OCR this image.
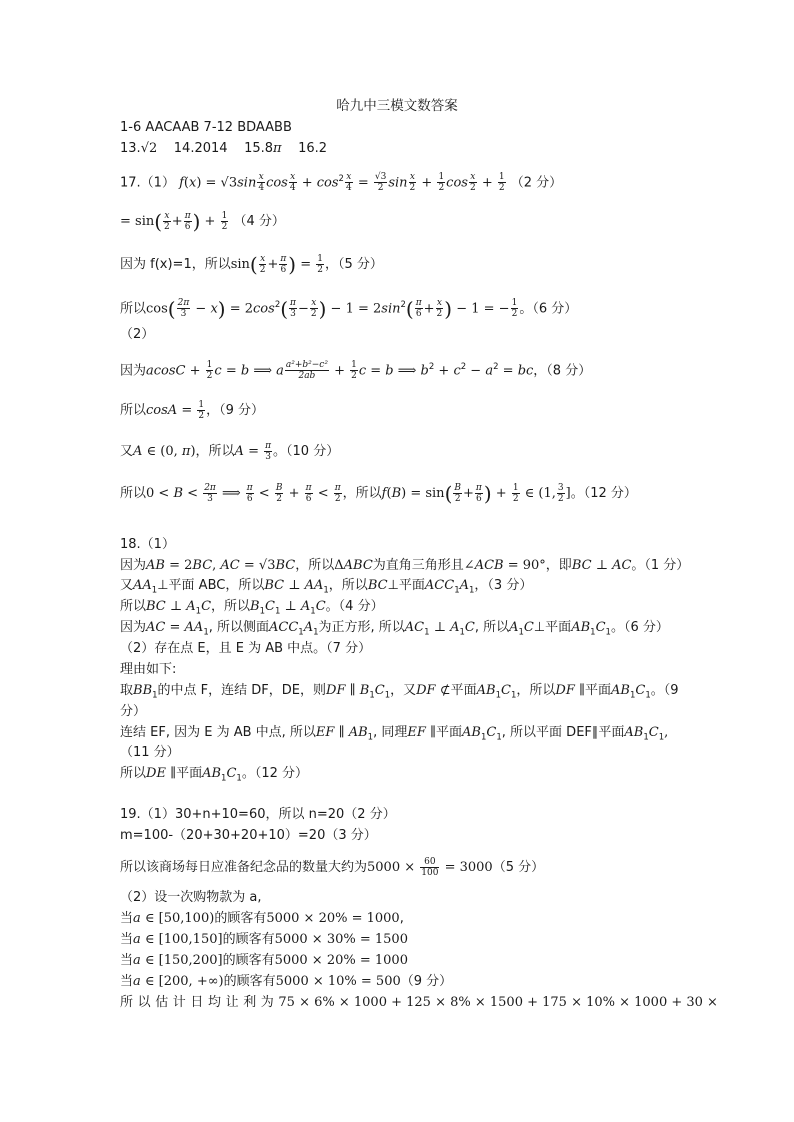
哈九中三模文数答案
1-6 AACAAB 7-12 BDAABB
13.√2 14.2014 15.8π 16.2
17.（1） $f(x) = √3\sin \frac{x}{4}$ $\cos \frac{x}{4} + \cos^2 \frac{x}{4} = \frac{√3}{2}$ $\sin \frac{x}{2} + \frac{1}{2}$ $\cos \frac{x}{2} + \frac{1}{2} (2$ 分）
= $\sin( \frac{x}{2} + \frac{\pi}{6}$ ) + $\frac{1}{2} (4$ 分）
因为 f(x)=1，所以$\sin( \frac{x}{2} + \frac{\pi}{6}$ ) = $\frac{1}{2}$ ，（5 分）
所以$\cos( \frac{2\pi}{3} - x) = 2\cos^2( \frac{\pi}{3} - \frac{x}{2}$ ) − $1 = 2\sin^2( \frac{\pi}{6} + \frac{x}{2}$ ) − 1 = − $\frac{1}{2}$ 。（6 分）
（2）
因为$acosC + \frac{1}{2}$ c = b ⟹ a $\frac{\text{a²+b²−c²}}{2ab} + \frac{1}{2}$ c = b ⟹ $b^2 + c^2 - a^2$ = bc，（8 分）
所以$\cos A = \frac{1}{2}$ ，（9 分）
又A ∈ (0, π)，所以$A = \frac{\pi}{3}$ 。（10 分）
所以$0 < B < \frac{2\pi}{3}$ ⟹ $\frac{\pi}{6} < \frac{B}{2} + \frac{\pi}{6} < \frac{\pi}{2}$ ，所以$f(B) = \sin( \frac{B}{2} + \frac{\pi}{6}$ ) + $\frac{1}{2}$ ∈ (1, $\frac{3}{2}$ ]。（12 分）
18.（1）
因为AB = 2BC, AC = √3BC，所以ΔABC为直角三角形且∠ACB = 90°，即BC ⊥ AC。（1 分）
又$AA_1\perp$平面 ABC，所以BC ⊥ $AA_1$，所以BC⊥平面$ACC_1A_1$，（3 分）
所以BC ⊥ $A_1C$，所以$B_1C_1$ ⊥ $A_1C$。（4 分）
因为AC = $AA_1$, 所以侧面$ACC_1A_1$为正方形, 所以$AC_1$ ⊥ $A_1C$, 所以$A_1C\perp$平面$AB_1C_1$。（6 分）
（2）存在点 E，且 E 为 AB 中点。（7 分）
理由如下:
取$BB_1$的中点 F，连结 DF，DE，则DF ∥ $B_1C_1$，又DF ⊄平面$AB_1C_1$，所以DF ∥平面$AB_1C_1$。（9
分）
连结 EF, 因为 E 为 AB 中点, 所以EF ∥ $AB_1$, 同理EF ∥平面$AB_1C_1$, 所以平面 DEF∥平面$AB_1C_1$,
（11 分）
所以DE ∥平面$AB_1C_1$。（12 分）
19.（1）30+n+10=60，所以 n=20（2 分）
m=100-（20+30+20+10）=20（3 分）
所以该商场每日应准备纪念品的数量大约为$5000 \times \frac{60}{100} = 3000(5$ 分）
（2）设一次购物款为 a,
当a ∈ [50,100)的顾客有5000 × 20% = 1000,
当a ∈ [100,150]的顾客有5000 × 30% = 1500
当a ∈ [150,200]的顾客有5000 × 20% = 1000
当a ∈ [200, +∞)的顾客有5000 × 10% = 500（9 分）
所以估计日均让利为75 × 6% × 1000 + 125 × 8% × 1500 + 175 × 10% × 1000 + 30 ×
